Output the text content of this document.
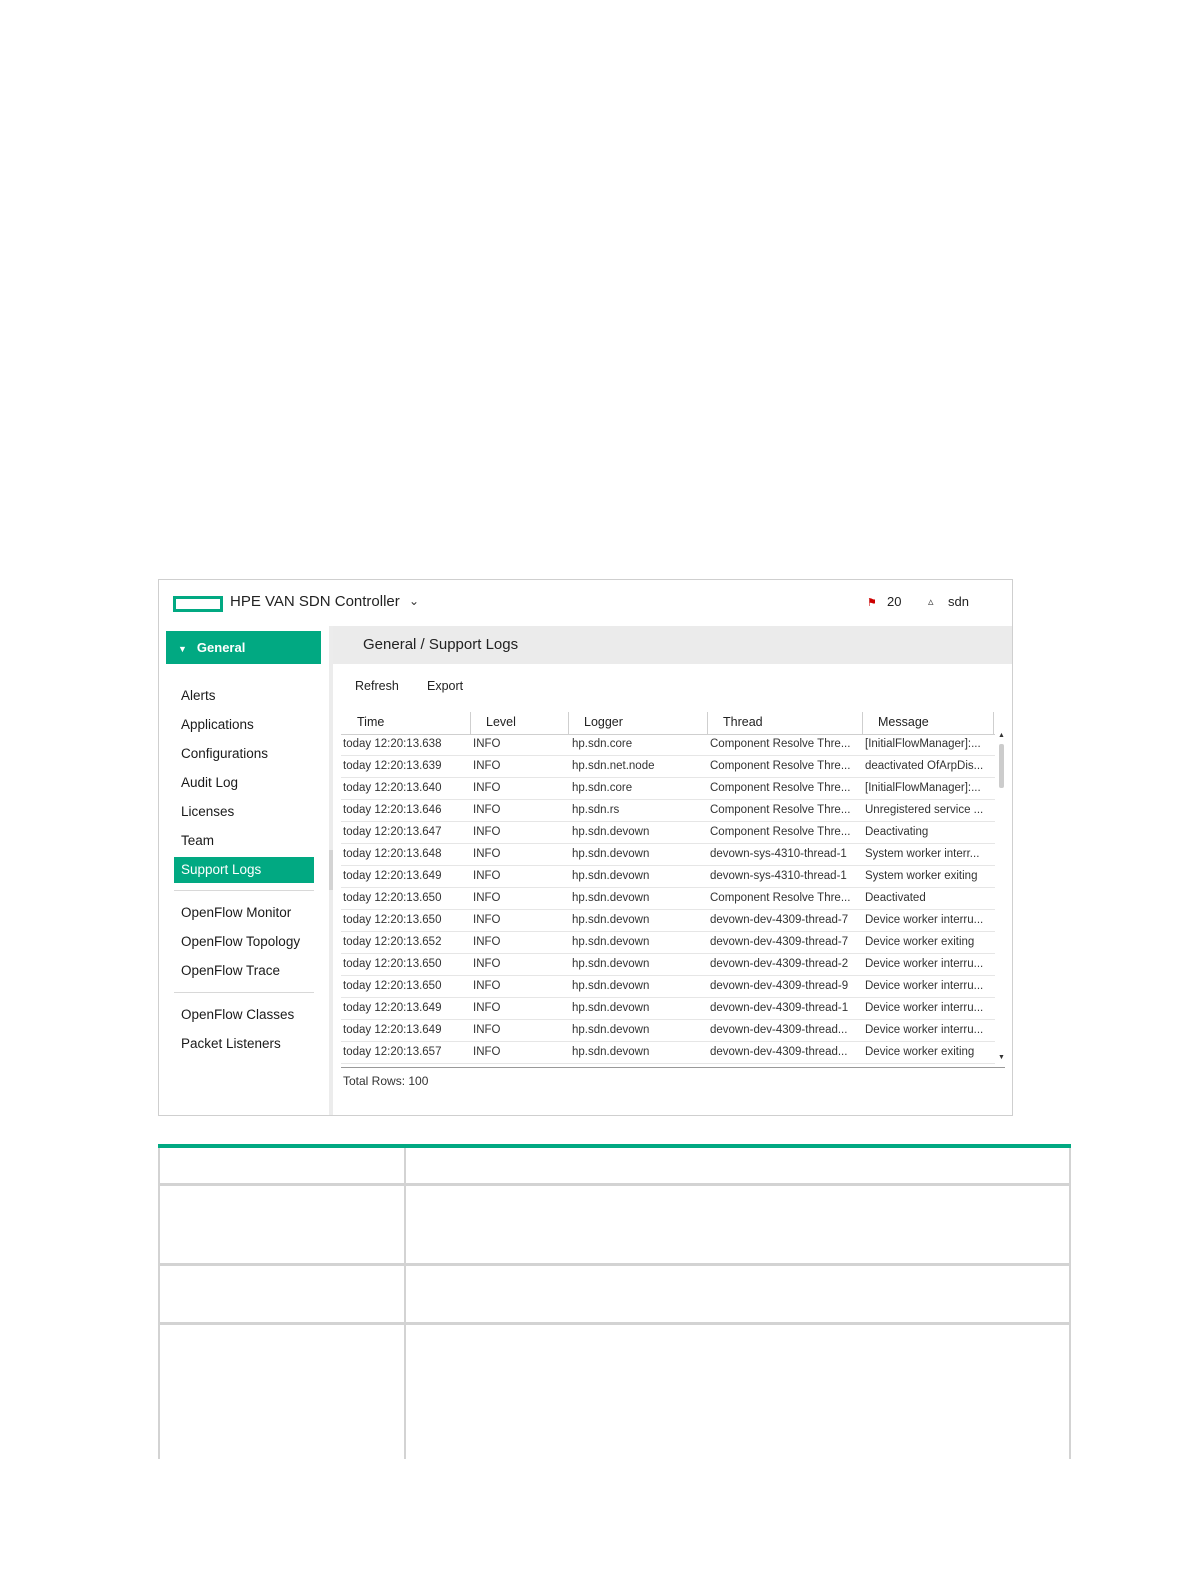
HPE VAN SDN Controller ⌄	⚑ 20 ▵ sdn
▼ General
Alerts
Applications
Configurations
Audit Log
Licenses
Team
Support Logs
OpenFlow Monitor
OpenFlow Topology
OpenFlow Trace
OpenFlow Classes
Packet Listeners
General / Support Logs
Refresh Export
Time	Level	Logger	Thread	Message
today 12:20:13.638	INFO	hp.sdn.core	Component Resolve Thre...	[InitialFlowManager]:...
today 12:20:13.639	INFO	hp.sdn.net.node	Component Resolve Thre...	deactivated OfArpDis...
today 12:20:13.640	INFO	hp.sdn.core	Component Resolve Thre...	[InitialFlowManager]:...
today 12:20:13.646	INFO	hp.sdn.rs	Component Resolve Thre...	Unregistered service ...
today 12:20:13.647	INFO	hp.sdn.devown	Component Resolve Thre...	Deactivating
today 12:20:13.648	INFO	hp.sdn.devown	devown-sys-4310-thread-1	System worker interr...
today 12:20:13.649	INFO	hp.sdn.devown	devown-sys-4310-thread-1	System worker exiting
today 12:20:13.650	INFO	hp.sdn.devown	Component Resolve Thre...	Deactivated
today 12:20:13.650	INFO	hp.sdn.devown	devown-dev-4309-thread-7	Device worker interru...
today 12:20:13.652	INFO	hp.sdn.devown	devown-dev-4309-thread-7	Device worker exiting
today 12:20:13.650	INFO	hp.sdn.devown	devown-dev-4309-thread-2	Device worker interru...
today 12:20:13.650	INFO	hp.sdn.devown	devown-dev-4309-thread-9	Device worker interru...
today 12:20:13.649	INFO	hp.sdn.devown	devown-dev-4309-thread-1	Device worker interru...
today 12:20:13.649	INFO	hp.sdn.devown	devown-dev-4309-thread...	Device worker interru...
today 12:20:13.657	INFO	hp.sdn.devown	devown-dev-4309-thread...	Device worker exiting
▲
▼
Total Rows: 100
